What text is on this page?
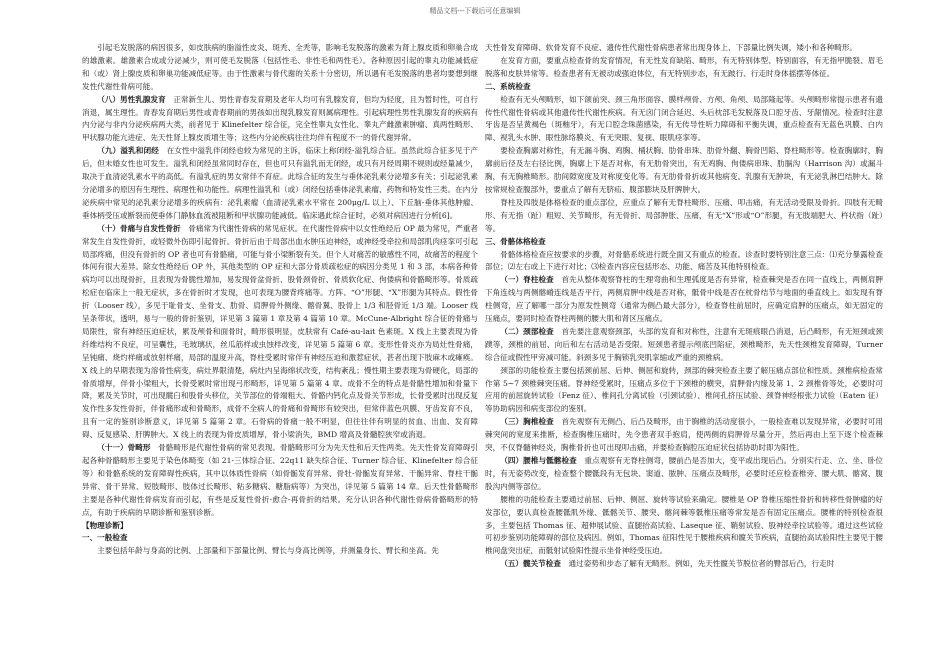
精品文档---下载后可任意编辑

引起毛发脱落的病因很多，如皮肤病的脂溢性皮炎、斑秃、全秃等，影响毛发脱落的激素为肾上腺皮质和卵巢合成的雄激素。雄激素合成或分泌减少，则可使毛发脱落（包括性毛、非性毛和两性毛）。各种原因引起的睾丸功能减低症和（或）肾上腺皮质和卵巢功能减低症等。由于性激素与骨代谢的关系十分密切，所以遇有毛发脱落的患者均要想到继发性代谢性骨病可能。

（八）男性乳腺发育  正常新生儿、男性青春发育期及老年人均可有乳腺发育，但均为轻度，且为暂时性，可自行消退，属生理性。青春发育期后男性或青春期前的男孩如出现乳腺发育则属病理性。引起病理性男性乳腺发育的疾病有内分泌与非内分泌疾病两大类，前者见于 Klinefelter 综合征，完全性睾丸女性化、睾丸产雌激素肿瘤、真两性畸形、甲状腺功能亢进症、先天性肾上腺皮质增生等；这些内分泌疾病往往均伴有程度不一的骨代谢异常。

（九）溢乳和闭经  在女性中溢乳伴闭经也较为常见的主诉，临床上称闭经-溢乳综合征。虽然此综合征多见于产后，但未婚女性也可发生。溢乳和闭经虽常同时存在，但也可只有溢乳而无闭经，或只有月经周期不规则或经量减少，取决于血清泌乳素水平的高低。有溢乳症的男女常伴不育症。此综合征的发生与垂体泌乳素分泌增多有关；引起泌乳素分泌增多的原因有生理性、病理性和功能性。病理性溢乳和（或）闭经包括垂体泌乳素瘤、药物和特发性三类。在内分泌疾病中常见的泌乳素分泌增多的疾病有：泌乳素瘤（血清泌乳素水平常在 200μg/L 以上）、下丘脑-垂体其他肿瘤、垂体柄受压或断裂而使垂体门静脉血流被阻断和甲状腺功能减低。临床遇此综合征时，必须对病因进行分析[6]。

（十）骨痛与自发性骨折  骨痛常为代谢性骨病的常见症状。在代谢性骨病中以女性绝经后 OP 最为常见，严重者常发生自发性骨折，或轻微外伤即引起骨折。骨折后由于局部出血水肿压迫神经，或神经受牵拉和局部肌肉痉挛可引起局部疼痛，但没有骨折的 OP 者也可有骨骼痛，可能与骨小梁断裂有关。但个人对痛苦的敏感性不同，故痛苦的程度个体间有很大差异。除女性绝经后 OP 外，其他类型的 OP 症和大部分骨质疏松症的病因分类见 1 和 3 部，本病各种骨病均可以出现骨折，且表现为骨脆性增加，易发现骨盆骨折、股骨颈骨折、骨质软化症、佝偻病和骨骼畸形等。骨质疏松症在临床上一般无症状，多在骨折时才发现，也可表现为腰背疼痛等。方阵、“O”形腿、“X”形腿为其特点。假性骨折（Looser 线），多见于耻骨支、坐骨支、肋骨、肩胛骨外侧缘、髂骨翼、股骨上 1/3 和胫骨近 1/3 端。Looser 线呈条带状，透明，易与一般的骨折鉴别，详见第 3 篇第 1 章及第 4 篇第 10 章。McCune-Albright 综合征的骨痛与局限性，常有神经压迫症状，累及颅骨和面骨时，畸形很明显，皮肤常有 Café-au-lait 色素斑。X 线上主要表现为骨纤维结构不良症，可呈囊性，毛玻璃状，丝瓜筋样或虫蚀样改变，详见第 5 篇第 6 章。变形性骨炎亦为局灶性骨痛，呈钝痛、烧灼样痛或放射样痛，局部的温度升高，脊柱受累时常伴有神经压迫和激惹症状，甚者出现下肢麻木或瘫痪。X 线上的早期表现为溶骨性病变，病灶界限清楚，病灶内呈海绵状改变，结构紊乱；慢性期主要表现为骨硬化，局部的骨质增厚，伴骨小梁粗大，长骨受累时常出现弓形畸形，详见第 5 篇第 4 章。成骨不全的特点是骨骼性增加和骨量下降，累及关节时，可出现髋臼和股骨头移位，关节部位的骨端粗大、骨骼内钙化点及骨关节形成，长骨受累时出现反复发作性多发性骨折，伴骨痛形或和骨畸形，成骨不全病人的骨痛和骨畸形有较突出，但常伴蓝色巩膜、牙齿发育不良，且有一定的鉴别诊断意义，详见第 5 篇第 2 章。石骨病的骨痛一般不明显，但往往伴有明显的贫血、出血、发育障碍、反复感染、肝脾肿大。X 线上的表现为骨皮质增厚，骨小梁消失，BMD 增高及骨髓腔狭窄或消退。

（十一）骨畸形  骨骼畸形是代谢性骨病的常见表现。骨骼畸形可分为先天性和后天性两类。先天性骨发育障碍引起各种骨骼畸形主要见于染色体畸变（如 21-三体综合征、22q11 缺失综合征、Turner 综合征、Klinefelter 综合征等）和骨骼系统的发育障碍性疾病，其中以体质性骨病（如骨骺发育异常、骨牡-骨骺发育异常、干骺异常、脊柱干骺异常、骨干异常、短肢畸形、肢体过长畸形、粘多糖病、糖脂病等）为突出，详见第 5 篇第 14 章。后天性骨骼畸形主要是各种代谢性骨病发育而引起，有些是反复性骨折-愈合-再骨折的结果。充分认识各种代谢性骨病骨骼畸形的特点，有助于疾病的早期诊断和鉴别诊断。

【物理诊断】
一、一般检查

主要包括年龄与身高的比例、上部量和下部量比例、臂长与身高比例等，并测量身长、臂长和坐高。先

天性骨发育障碍、软骨发育不良症、遗传性代谢性骨病患者常出现身体上、下部量比例失调，矮小和各种畸形。

在发育方面，要重点检查骨的发育情况，有无性发育缺陷、畸形，有无特别体型、特别面容，有无指甲脆裂、眉毛脱落和皮肤异常等。检查患者有无被动或强迫体位，有无特别步态，有无跛行、行走时身体摇摆等体征。

二、系统检查

检查有无头颅畸形，如下颌前突、颈三角形面容、膜样颅骨、方颅、角颅、局部隆起等。头颅畸形常提示患者有遗传性代谢性骨病或其他遗传性代谢性疾病。有无囟门闭合延迟、头后枕部毛发脱落及口腔牙齿、牙龈情况。检查时注意牙齿是否呈黄褐色（斑釉牙），有无口腔念珠菌感染，有无传导性听力障碍和平衡失调，重点检查有无蓝色巩膜、白内障、视乳头水肿、眼性脉络膜炎、有无突眼、复视、眼肌痉挛等。

要检查胸廓对称性，有无漏斗胸、鸡胸、桶状胸、肋骨串珠、肋骨外翻、胸骨凹陷、脊柱畸形等。检查胸廓时，胸廓前后径及左右径比例，胸廓上下是否对称，有无肋骨突出，有无鸡胸、佝偻病串珠、肋膈沟（Harrison 沟）或漏斗胸，有无胸椎畸形。肋间隙宽度及对称度变化等。有无肋骨骨折或其他病变。乳腺有无肿块，有无泌乳淋巴结肿大。除按常规检查腹部外，要重点了解有无脐疝、腹部膨块及肝脾肿大。

脊柱及四肢是体格检查的重点部位，应重点了解有无脊柱畸形、压痛、叩击痛，有无活动受限及骨折。四肢有无畸形、有无指（趾）粗短、关节畸形，有无骨折、局部肿胀、压痛，有无“X”形或“O”形腿，有无肢端肥大、杵状指（趾）等。

三、骨骼体格检查

骨骼体格检查应按要求的步骤，对骨骼系统进行既全面又有重点的检查。诊查时要特别注意三点：⑴充分暴露检查部位；⑵左右或上下进行对比；⑶检查内容应包括形态、功能、痛苦及其他特别检查。

（一）脊柱检查  首先从整体观察脊柱的生理弯曲和生理弧度是否有异常，检查棘突是否在同一直线上，两侧肩胛下角连线与两侧髂嵴连线是否平行，两侧肩胛中线是否对称，骶骨中线是否在枕骨结节与地面的垂直线上。如发现有脊柱侧弯，应了解哪一部分为原发性侧弯（通常为侧凸最大部分），检查脊柱前屈时，应确定肩胛的压痛点，如无固定的压痛点，要同时检查脊柱两侧的腰大肌和肾区压痛点。

（二）颈部检查  首先要注意观察颈部，头部的发育和对称性，注意有无斑痕眼凸消退，后凸畸形，有无短颈或颈蹼等，颈椎的前屈、向后和左右活动是否受限。短颈患者提示颅底凹陷症，颈椎畸形，先天性颈椎发育障碍，Turner 综合征或假性甲旁减可能。斜颈多见于胸锁乳突肌挛缩或严重的颈椎病。

颈部的功能检查主要包括颈前屈、后伸、侧屈和旋转，颈部的棘突检查主要了解压痛点部位和性质。颈椎病检查常作第 5~7 颈椎棘突压痛。脊神经受累时，压痛点多位于下颈椎的横突，肩胛骨内缘及第 1、2 颈椎骨等处，必要时可应用的前屈旋转试验（Fenz 征）、椎间孔分离试验（引颈试验）、椎间孔挤压试验、颈脊神经根张力试验（Eaten 征）等协助病因和病变部位的鉴别。

（三）胸椎检查  首先观察有无侧凸、后凸及畸形，由于胸椎的活动度很小，一般检查难以发现异常，必要时可用棘突间的宽度来推断，检查胸椎压痛时，先令患者双手抱肩，使两侧的肩胛骨尽量分开，然后再由上至下逐个检查棘突，不仅脊髓神经炎，胸椎骨折也可出现叩击痛，并要检查胸腔压迫症状包括协助时即为阳性。

（四）腰椎与骶髂检查  重点观察有无脊柱侧弯，腰前凸是否加大，变平或出现后凸。分别实行走、立、坐、卧位时，有无姿势改变，检查整个腰骶段有无包块、窦道、脓肿、压痛点及畸形，必要时还应检查椎旁、腰大肌、髂窝、腹股沟内侧等部位。

腰椎的功能检查主要通过前屈、后伸、侧屈、旋转等试验来确定。腰椎是 OP 脊椎压缩性骨折和转移性骨肿瘤的好发部位，要认真检查腰骶肌外缘、骶髂关节、腰突、髂间棘等骶椎压痛等常发是否有固定压痛点。腰椎的特别检查很多，主要包括 Thomas 征、超伸展试验、直腿抬高试验、Laseque 征、鞘射试验、股神经牵拉试验等。通过这些试验可初步鉴别功能障碍的部位及病因。例如，Thomas 征阳性见于腰椎疾病和髋关节疾病，直腿抬高试验阳性主要见于腰椎间盘突出症，而骶射试验阳性提示坐骨神经受压迫。

（五）髋关节检查  通过姿势和步态了解有无畸形。例如，先天性髋关节脱位者的臀部后凸，行走时
